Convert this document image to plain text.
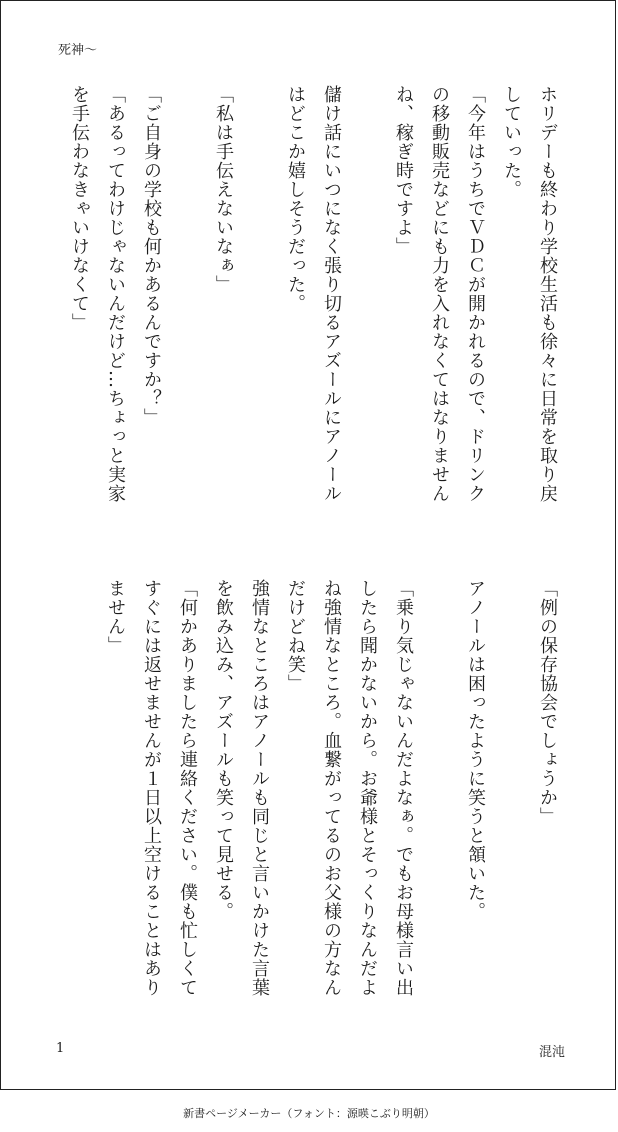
死神〜
ホリデーも終わり学校生活も徐々に日常を取り戻
していった。
「今年はうちでＶＤＣが開かれるので、ドリンク
の移動販売などにも力を入れなくてはなりません
ね、稼ぎ時ですよ」
儲け話にいつになく張り切るアズールにアノール
はどこか嬉しそうだった。
「私は手伝えないなぁ」
「ご自身の学校も何かあるんですか？」
「あるってわけじゃないんだけど…ちょっと実家
を手伝わなきゃいけなくて」
「例の保存協会でしょうか」
アノールは困ったように笑うと頷いた。
「乗り気じゃないんだよなぁ。でもお母様言い出
したら聞かないから。お爺様とそっくりなんだよ
ね強情なところ。血繋がってるのお父様の方なん
だけどね笑」
強情なところはアノールも同じと言いかけた言葉
を飲み込み、アズールも笑って見せる。
「何かありましたら連絡ください。僕も忙しくて
すぐには返せませんが１日以上空けることはあり
ません」
1	混沌
新書ページメーカー（フォント：源暎こぶり明朝）
